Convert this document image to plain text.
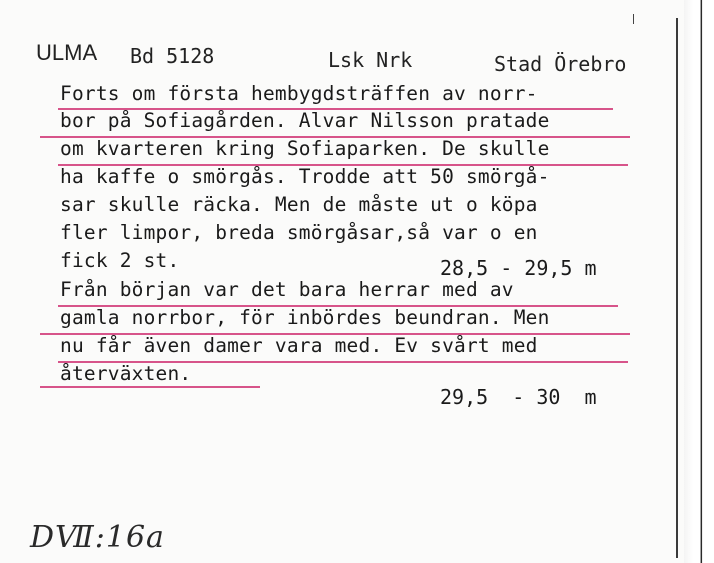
ULMA Bd 5128	Lsk Nrk	Stad Örebro
Forts om första hembygdsträffen av norr-
bor på Sofiagården. Alvar Nilsson pratade
om kvarteren kring Sofiaparken. De skulle
ha kaffe o smörgås. Trodde att 50 smörgå-
sar skulle räcka. Men de måste ut o köpa
fler limpor, breda smörgåsar,så var o en
fick 2 st.	28,5 - 29,5 m
Från början var det bara herrar med av
gamla norrbor, för inbördes beundran. Men
nu får även damer vara med. Ev svårt med
återväxten.
29,5  - 30  m
DⅦ:16a
